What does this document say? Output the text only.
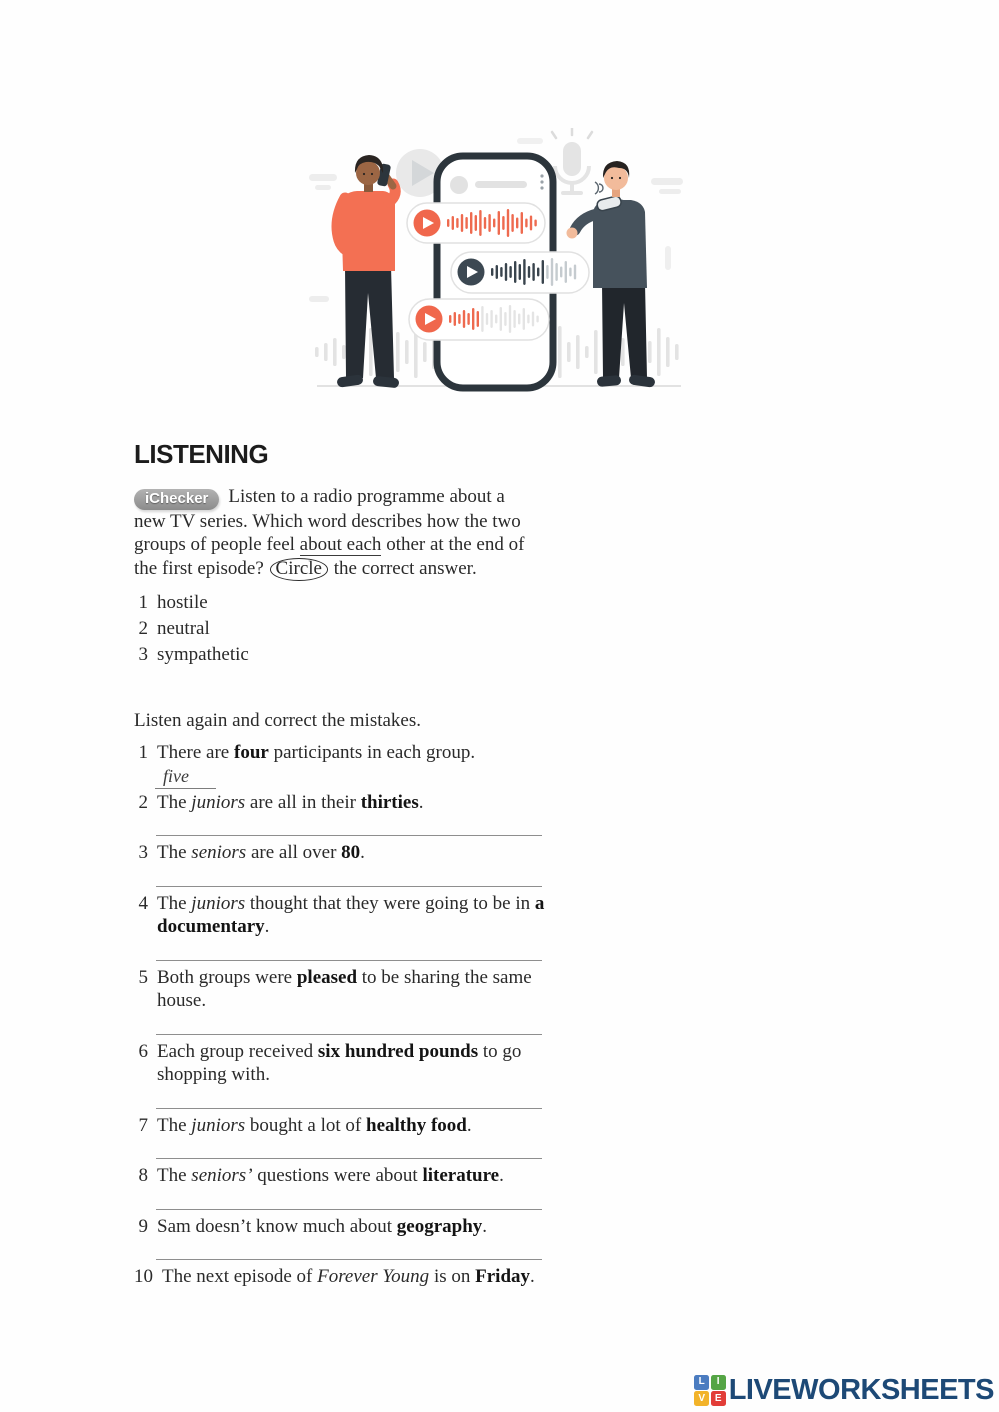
LISTENING

iChecker Listen to a radio programme about a new TV series. Which word describes how the two groups of people feel about each other at the end of the first episode? Circle the correct answer.

1 hostile
2 neutral
3 sympathetic

Listen again and correct the mistakes.

1 There are four participants in each group.
five
2 The juniors are all in their thirties.
3 The seniors are all over 80.
4 The juniors thought that they were going to be in a documentary.
5 Both groups were pleased to be sharing the same house.
6 Each group received six hundred pounds to go shopping with.
7 The juniors bought a lot of healthy food.
8 The seniors’ questions were about literature.
9 Sam doesn’t know much about geography.
10 The next episode of Forever Young is on Friday.
L	I
V E LIVEWORKSHEETS
